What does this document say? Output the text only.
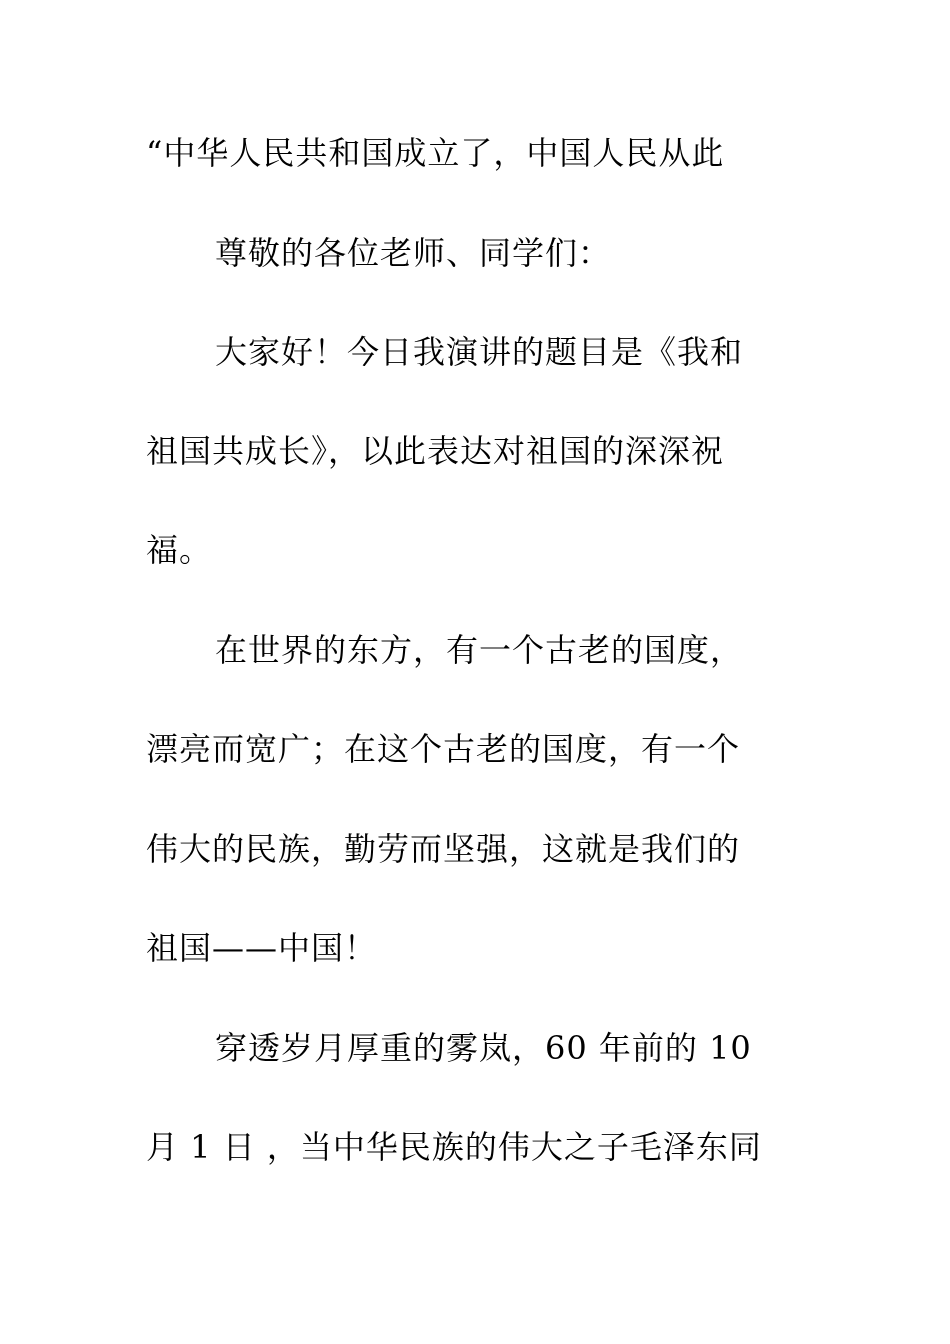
“中华人民共和国成立了，中国人民从此
尊敬的各位老师、同学们：
大家好！今日我演讲的题目是《我和
祖国共成长》，以此表达对祖国的深深祝
福。
在世界的东方，有一个古老的国度，
漂亮而宽广；在这个古老的国度，有一个
伟大的民族，勤劳而坚强，这就是我们的
祖国——中国！
穿透岁月厚重的雾岚，60 年前的 10
月 1 日 ，当中华民族的伟大之子毛泽东同
